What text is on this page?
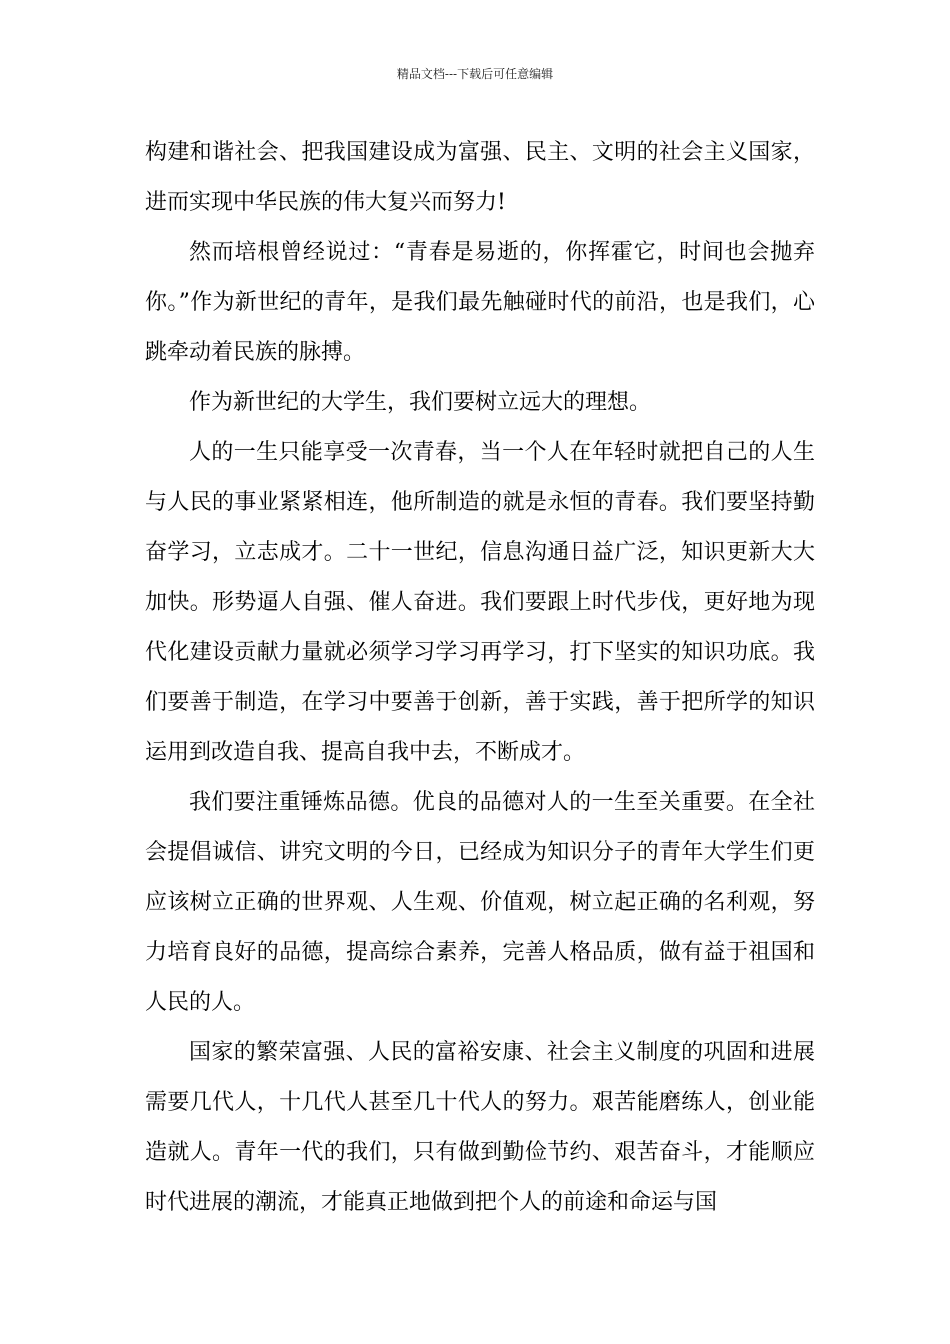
精品文档---下载后可任意编辑

构建和谐社会、把我国建设成为富强、民主、文明的社会主义国家，进而实现中华民族的伟大复兴而努力!

然而培根曾经说过：“青春是易逝的，你挥霍它，时间也会抛弃你。”作为新世纪的青年，是我们最先触碰时代的前沿，也是我们，心跳牵动着民族的脉搏。

作为新世纪的大学生，我们要树立远大的理想。

人的一生只能享受一次青春，当一个人在年轻时就把自己的人生与人民的事业紧紧相连，他所制造的就是永恒的青春。我们要坚持勤奋学习，立志成才。二十一世纪，信息沟通日益广泛，知识更新大大加快。形势逼人自强、催人奋进。我们要跟上时代步伐，更好地为现代化建设贡献力量就必须学习学习再学习，打下坚实的知识功底。我们要善于制造，在学习中要善于创新，善于实践，善于把所学的知识运用到改造自我、提高自我中去，不断成才。

我们要注重锤炼品德。优良的品德对人的一生至关重要。在全社会提倡诚信、讲究文明的今日，已经成为知识分子的青年大学生们更应该树立正确的世界观、人生观、价值观，树立起正确的名利观，努力培育良好的品德，提高综合素养，完善人格品质，做有益于祖国和人民的人。

国家的繁荣富强、人民的富裕安康、社会主义制度的巩固和进展需要几代人，十几代人甚至几十代人的努力。艰苦能磨练人，创业能造就人。青年一代的我们，只有做到勤俭节约、艰苦奋斗，才能顺应时代进展的潮流，才能真正地做到把个人的前途和命运与国
